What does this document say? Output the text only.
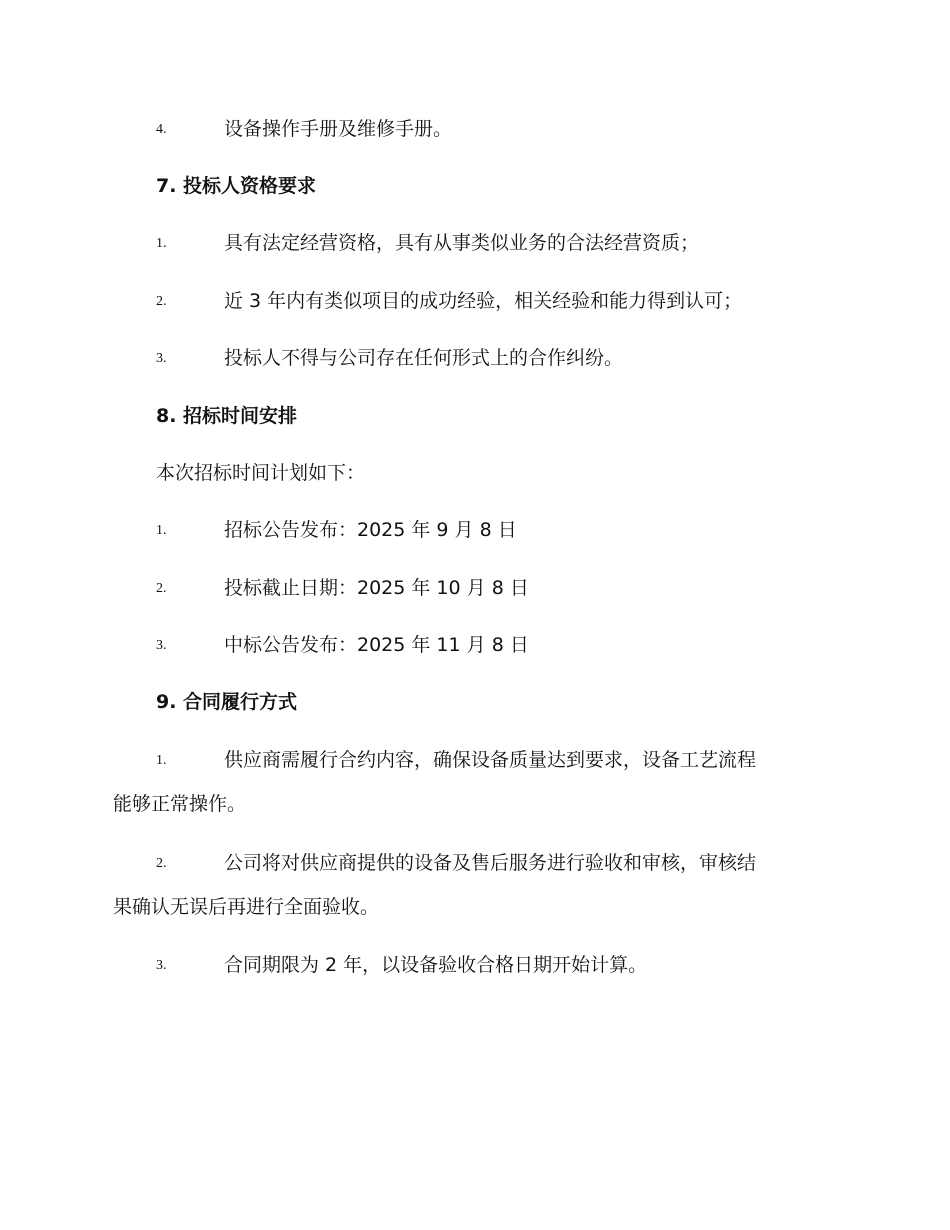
4.	设备操作手册及维修手册。
7. 投标人资格要求
1.	具有法定经营资格，具有从事类似业务的合法经营资质；
2.	近 3 年内有类似项目的成功经验，相关经验和能力得到认可；
3.	投标人不得与公司存在任何形式上的合作纠纷。
8. 招标时间安排
本次招标时间计划如下：
1.	招标公告发布：2025 年 9 月 8 日
2.	投标截止日期：2025 年 10 月 8 日
3.	中标公告发布：2025 年 11 月 8 日
9. 合同履行方式
1.	供应商需履行合约内容，确保设备质量达到要求，设备工艺流程
能够正常操作。
2.	公司将对供应商提供的设备及售后服务进行验收和审核，审核结
果确认无误后再进行全面验收。
3.	合同期限为 2 年，以设备验收合格日期开始计算。
